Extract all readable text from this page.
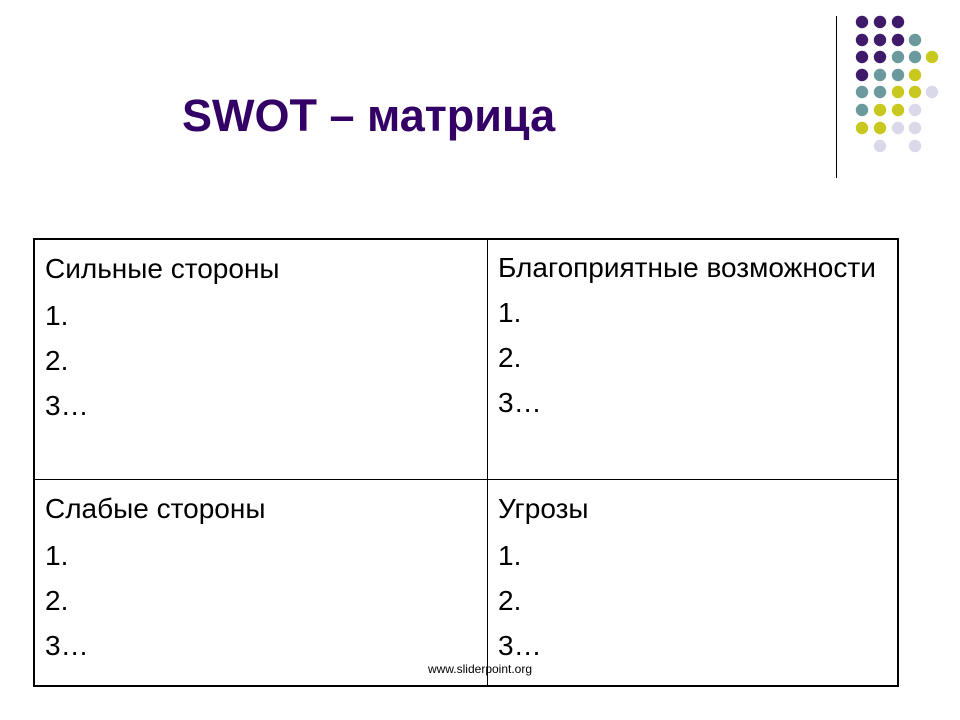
SWOT – матрица
Сильные стороны
1.
2.
3…	Благоприятные возможности
1.
2.
3…

Слабые стороны
1.
2.
3…	Угрозы
1.
2.
3…
www.sliderpoint.org
